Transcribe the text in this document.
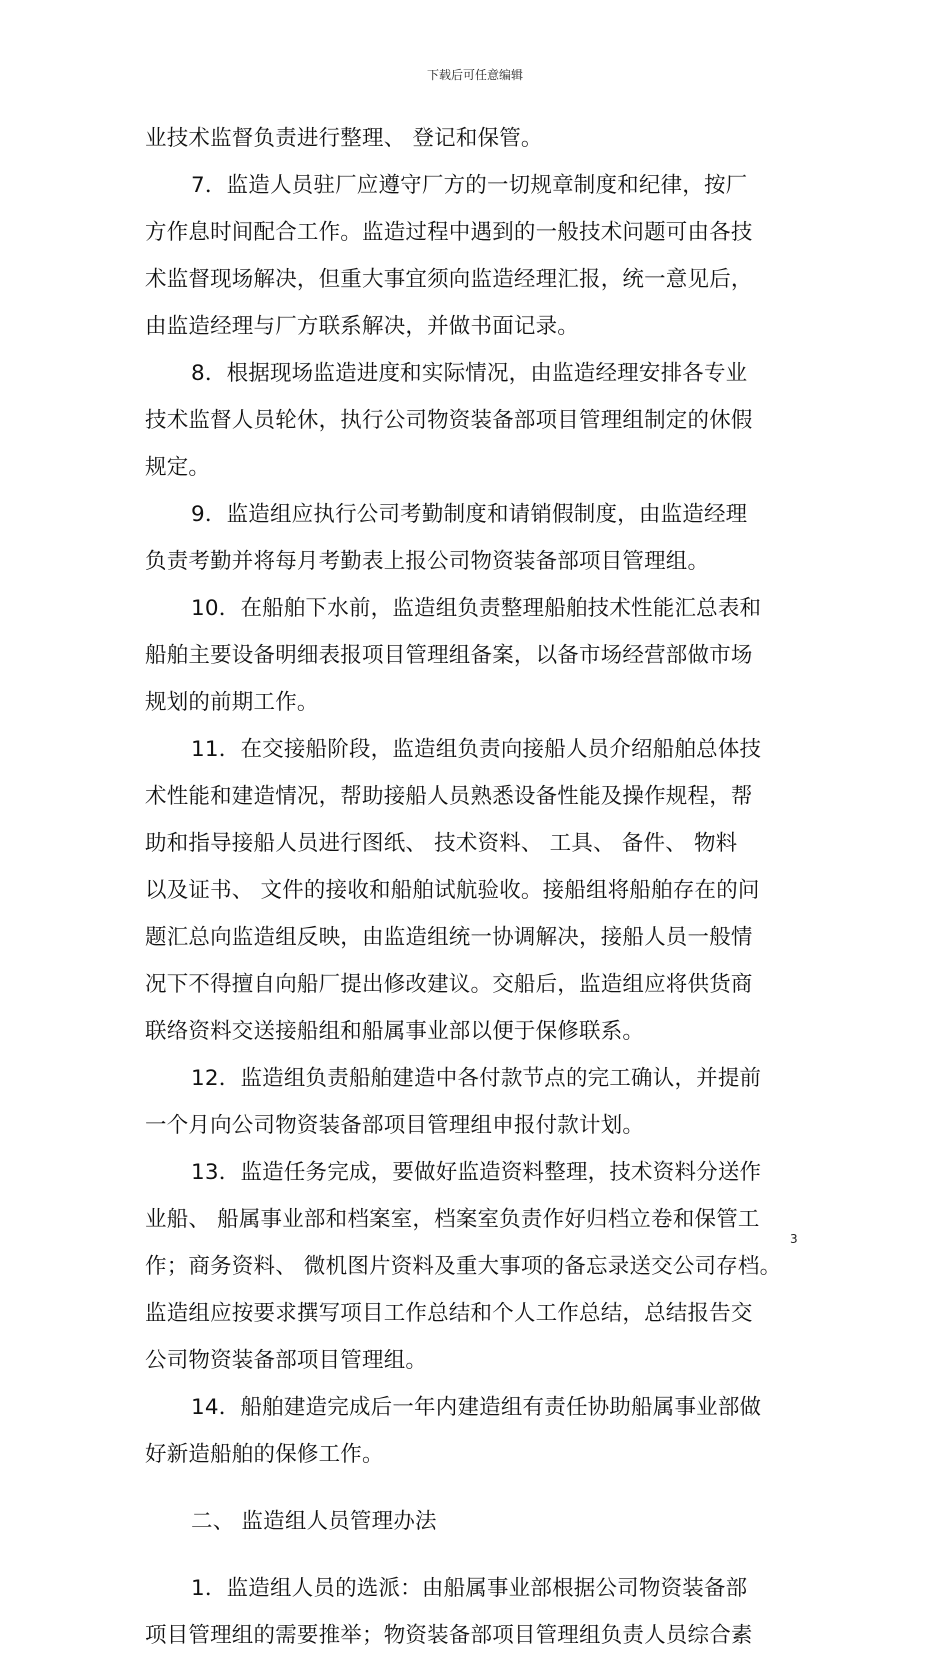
下载后可任意编辑
业技术监督负责进行整理、 登记和保管。
7．监造人员驻厂应遵守厂方的一切规章制度和纪律，按厂
方作息时间配合工作。监造过程中遇到的一般技术问题可由各技
术监督现场解决，但重大事宜须向监造经理汇报，统一意见后，
由监造经理与厂方联系解决，并做书面记录。
8．根据现场监造进度和实际情况，由监造经理安排各专业
技术监督人员轮休，执行公司物资装备部项目管理组制定的休假
规定。
9．监造组应执行公司考勤制度和请销假制度，由监造经理
负责考勤并将每月考勤表上报公司物资装备部项目管理组。
10．在船舶下水前，监造组负责整理船舶技术性能汇总表和
船舶主要设备明细表报项目管理组备案，以备市场经营部做市场
规划的前期工作。
11．在交接船阶段，监造组负责向接船人员介绍船舶总体技
术性能和建造情况，帮助接船人员熟悉设备性能及操作规程，帮
助和指导接船人员进行图纸、 技术资料、 工具、 备件、 物料
以及证书、 文件的接收和船舶试航验收。接船组将船舶存在的问
题汇总向监造组反映，由监造组统一协调解决，接船人员一般情
况下不得擅自向船厂提出修改建议。交船后，监造组应将供货商
联络资料交送接船组和船属事业部以便于保修联系。
12．监造组负责船舶建造中各付款节点的完工确认，并提前
一个月向公司物资装备部项目管理组申报付款计划。
13．监造任务完成，要做好监造资料整理，技术资料分送作
业船、 船属事业部和档案室，档案室负责作好归档立卷和保管工
作；商务资料、 微机图片资料及重大事项的备忘录送交公司存档。
监造组应按要求撰写项目工作总结和个人工作总结，总结报告交
公司物资装备部项目管理组。
14．船舶建造完成后一年内建造组有责任协助船属事业部做
好新造船舶的保修工作。
二、 监造组人员管理办法
1．监造组人员的选派：由船属事业部根据公司物资装备部
项目管理组的需要推举；物资装备部项目管理组负责人员综合素
3
